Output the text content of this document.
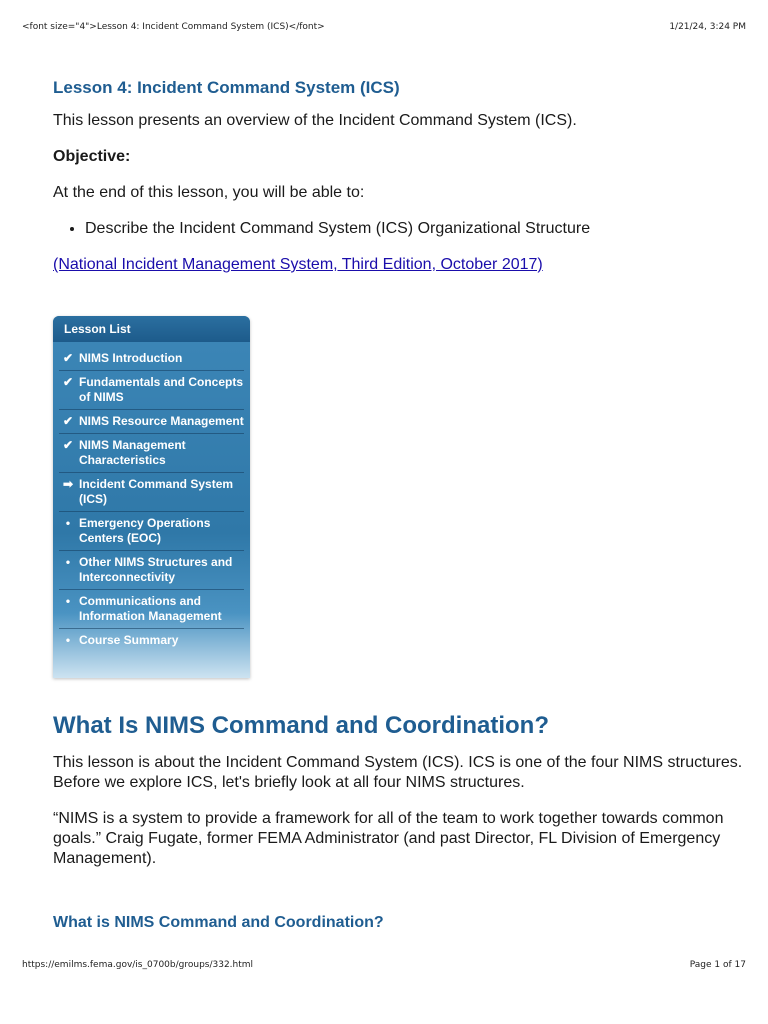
<font size="4">Lesson 4: Incident Command System (ICS)</font>	1/21/24, 3:24 PM
Lesson 4: Incident Command System (ICS)

This lesson presents an overview of the Incident Command System (ICS).

Objective:

At the end of this lesson, you will be able to:

• Describe the Incident Command System (ICS) Organizational Structure
(National Incident Management System, Third Edition, October 2017)
Lesson List
✔ NIMS Introduction
✔ Fundamentals and Concepts of NIMS
✔ NIMS Resource Management
✔ NIMS Management Characteristics
➡ Incident Command System (ICS)
• Emergency Operations Centers (EOC)
• Other NIMS Structures and Interconnectivity
• Communications and Information Management
• Course Summary
What Is NIMS Command and Coordination?

This lesson is about the Incident Command System (ICS). ICS is one of the four NIMS structures. Before we explore ICS, let's briefly look at all four NIMS structures.

“NIMS is a system to provide a framework for all of the team to work together towards common goals.” Craig Fugate, former FEMA Administrator (and past Director, FL Division of Emergency Management).

What is NIMS Command and Coordination?
https://emilms.fema.gov/is_0700b/groups/332.html	Page 1 of 17
